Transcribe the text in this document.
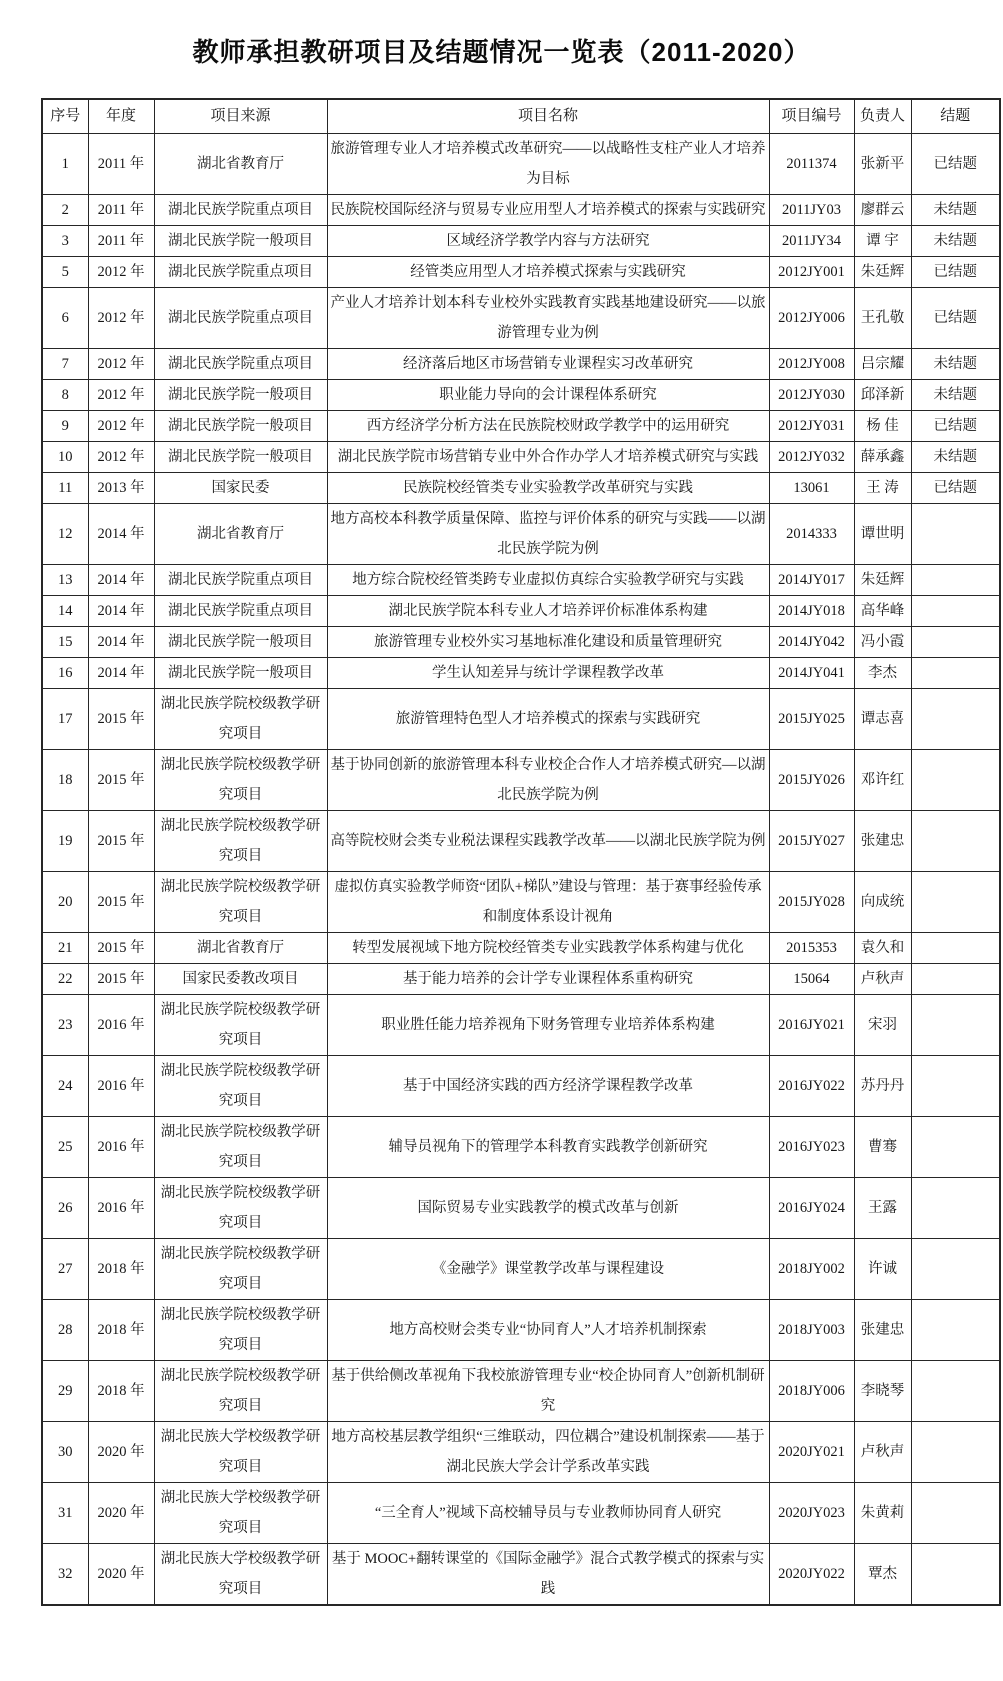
教师承担教研项目及结题情况一览表（2011-2020）
序号	年度	项目来源	项目名称	项目编号	负责人	结题
1	2011 年	湖北省教育厅	旅游管理专业人才培养模式改革研究——以战略性支柱产业人才培养为目标	2011374	张新平	已结题
2	2011 年	湖北民族学院重点项目	民族院校国际经济与贸易专业应用型人才培养模式的探索与实践研究	2011JY03	廖群云	未结题
3	2011 年	湖北民族学院一般项目	区域经济学教学内容与方法研究	2011JY34	谭 宇	未结题
5	2012 年	湖北民族学院重点项目	经管类应用型人才培养模式探索与实践研究	2012JY001	朱廷辉	已结题
6	2012 年	湖北民族学院重点项目	产业人才培养计划本科专业校外实践教育实践基地建设研究——以旅游管理专业为例	2012JY006	王孔敬	已结题
7	2012 年	湖北民族学院重点项目	经济落后地区市场营销专业课程实习改革研究	2012JY008	吕宗耀	未结题
8	2012 年	湖北民族学院一般项目	职业能力导向的会计课程体系研究	2012JY030	邱泽新	未结题
9	2012 年	湖北民族学院一般项目	西方经济学分析方法在民族院校财政学教学中的运用研究	2012JY031	杨 佳	已结题
10	2012 年	湖北民族学院一般项目	湖北民族学院市场营销专业中外合作办学人才培养模式研究与实践	2012JY032	薛承鑫	未结题
11	2013 年	国家民委	民族院校经管类专业实验教学改革研究与实践	13061	王 涛	已结题
12	2014 年	湖北省教育厅	地方高校本科教学质量保障、监控与评价体系的研究与实践——以湖北民族学院为例	2014333	谭世明	
13	2014 年	湖北民族学院重点项目	地方综合院校经管类跨专业虚拟仿真综合实验教学研究与实践	2014JY017	朱廷辉	
14	2014 年	湖北民族学院重点项目	湖北民族学院本科专业人才培养评价标准体系构建	2014JY018	高华峰	
15	2014 年	湖北民族学院一般项目	旅游管理专业校外实习基地标准化建设和质量管理研究	2014JY042	冯小霞	
16	2014 年	湖北民族学院一般项目	学生认知差异与统计学课程教学改革	2014JY041	李杰	
17	2015 年	湖北民族学院校级教学研究项目	旅游管理特色型人才培养模式的探索与实践研究	2015JY025	谭志喜	
18	2015 年	湖北民族学院校级教学研究项目	基于协同创新的旅游管理本科专业校企合作人才培养模式研究—以湖北民族学院为例	2015JY026	邓许红	
19	2015 年	湖北民族学院校级教学研究项目	高等院校财会类专业税法课程实践教学改革——以湖北民族学院为例	2015JY027	张建忠	
20	2015 年	湖北民族学院校级教学研究项目	虚拟仿真实验教学师资“团队+梯队”建设与管理：基于赛事经验传承和制度体系设计视角	2015JY028	向成统	
21	2015 年	湖北省教育厅	转型发展视域下地方院校经管类专业实践教学体系构建与优化	2015353	袁久和	
22	2015 年	国家民委教改项目	基于能力培养的会计学专业课程体系重构研究	15064	卢秋声	
23	2016 年	湖北民族学院校级教学研究项目	职业胜任能力培养视角下财务管理专业培养体系构建	2016JY021	宋羽	
24	2016 年	湖北民族学院校级教学研究项目	基于中国经济实践的西方经济学课程教学改革	2016JY022	苏丹丹	
25	2016 年	湖北民族学院校级教学研究项目	辅导员视角下的管理学本科教育实践教学创新研究	2016JY023	曹骞	
26	2016 年	湖北民族学院校级教学研究项目	国际贸易专业实践教学的模式改革与创新	2016JY024	王露	
27	2018 年	湖北民族学院校级教学研究项目	《金融学》课堂教学改革与课程建设	2018JY002	许诚	
28	2018 年	湖北民族学院校级教学研究项目	地方高校财会类专业“协同育人”人才培养机制探索	2018JY003	张建忠	
29	2018 年	湖北民族学院校级教学研究项目	基于供给侧改革视角下我校旅游管理专业“校企协同育人”创新机制研究	2018JY006	李晓琴	
30	2020 年	湖北民族大学校级教学研究项目	地方高校基层教学组织“三维联动，四位耦合”建设机制探索——基于湖北民族大学会计学系改革实践	2020JY021	卢秋声	
31	2020 年	湖北民族大学校级教学研究项目	“三全育人”视域下高校辅导员与专业教师协同育人研究	2020JY023	朱黄莉	
32	2020 年	湖北民族大学校级教学研究项目	基于 MOOC+翻转课堂的《国际金融学》混合式教学模式的探索与实践	2020JY022	覃杰	
